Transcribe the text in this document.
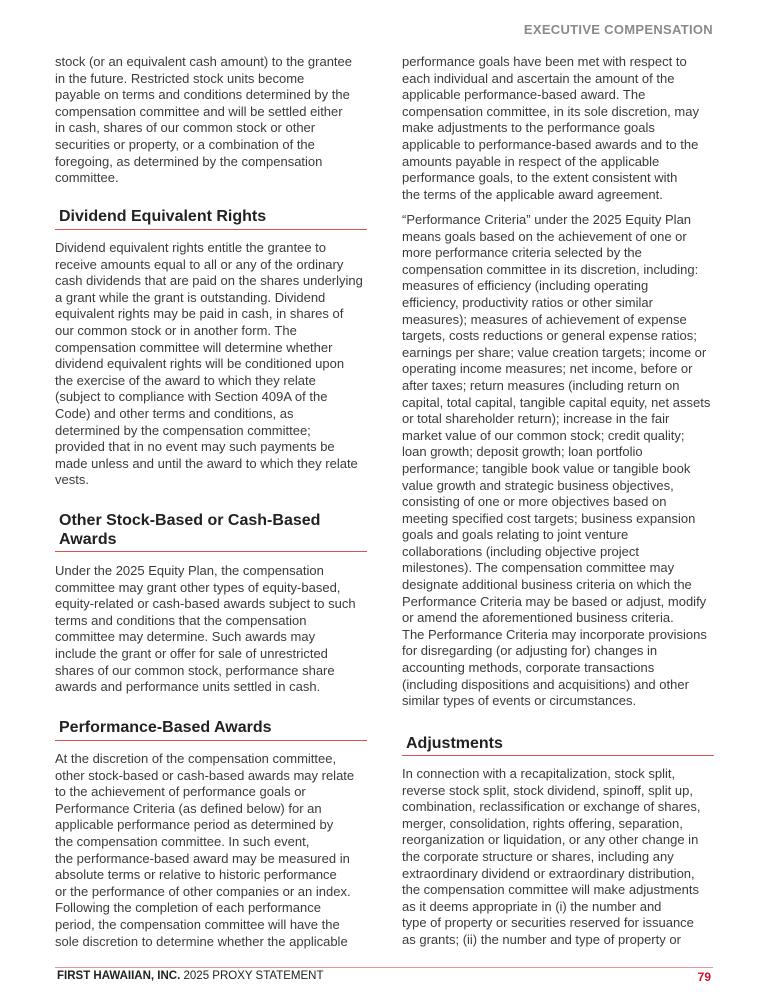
EXECUTIVE COMPENSATION
stock (or an equivalent cash amount) to the grantee
in the future. Restricted stock units become
payable on terms and conditions determined by the
compensation committee and will be settled either
in cash, shares of our common stock or other
securities or property, or a combination of the
foregoing, as determined by the compensation
committee.
Dividend Equivalent Rights
Dividend equivalent rights entitle the grantee to
receive amounts equal to all or any of the ordinary
cash dividends that are paid on the shares underlying
a grant while the grant is outstanding. Dividend
equivalent rights may be paid in cash, in shares of
our common stock or in another form. The
compensation committee will determine whether
dividend equivalent rights will be conditioned upon
the exercise of the award to which they relate
(subject to compliance with Section 409A of the
Code) and other terms and conditions, as
determined by the compensation committee;
provided that in no event may such payments be
made unless and until the award to which they relate
vests.
Other Stock-Based or Cash-Based
Awards
Under the 2025 Equity Plan, the compensation
committee may grant other types of equity-based,
equity-related or cash-based awards subject to such
terms and conditions that the compensation
committee may determine. Such awards may
include the grant or offer for sale of unrestricted
shares of our common stock, performance share
awards and performance units settled in cash.
Performance-Based Awards
At the discretion of the compensation committee,
other stock-based or cash-based awards may relate
to the achievement of performance goals or
Performance Criteria (as defined below) for an
applicable performance period as determined by
the compensation committee. In such event,
the performance-based award may be measured in
absolute terms or relative to historic performance
or the performance of other companies or an index.
Following the completion of each performance
period, the compensation committee will have the
sole discretion to determine whether the applicable
performance goals have been met with respect to
each individual and ascertain the amount of the
applicable performance-based award. The
compensation committee, in its sole discretion, may
make adjustments to the performance goals
applicable to performance-based awards and to the
amounts payable in respect of the applicable
performance goals, to the extent consistent with
the terms of the applicable award agreement.
“Performance Criteria” under the 2025 Equity Plan
means goals based on the achievement of one or
more performance criteria selected by the
compensation committee in its discretion, including:
measures of efficiency (including operating
efficiency, productivity ratios or other similar
measures); measures of achievement of expense
targets, costs reductions or general expense ratios;
earnings per share; value creation targets; income or
operating income measures; net income, before or
after taxes; return measures (including return on
capital, total capital, tangible capital equity, net assets
or total shareholder return); increase in the fair
market value of our common stock; credit quality;
loan growth; deposit growth; loan portfolio
performance; tangible book value or tangible book
value growth and strategic business objectives,
consisting of one or more objectives based on
meeting specified cost targets; business expansion
goals and goals relating to joint venture
collaborations (including objective project
milestones). The compensation committee may
designate additional business criteria on which the
Performance Criteria may be based or adjust, modify
or amend the aforementioned business criteria.
The Performance Criteria may incorporate provisions
for disregarding (or adjusting for) changes in
accounting methods, corporate transactions
(including dispositions and acquisitions) and other
similar types of events or circumstances.
Adjustments
In connection with a recapitalization, stock split,
reverse stock split, stock dividend, spinoff, split up,
combination, reclassification or exchange of shares,
merger, consolidation, rights offering, separation,
reorganization or liquidation, or any other change in
the corporate structure or shares, including any
extraordinary dividend or extraordinary distribution,
the compensation committee will make adjustments
as it deems appropriate in (i) the number and
type of property or securities reserved for issuance
as grants; (ii) the number and type of property or
FIRST HAWAIIAN, INC. 2025 PROXY STATEMENT	79
